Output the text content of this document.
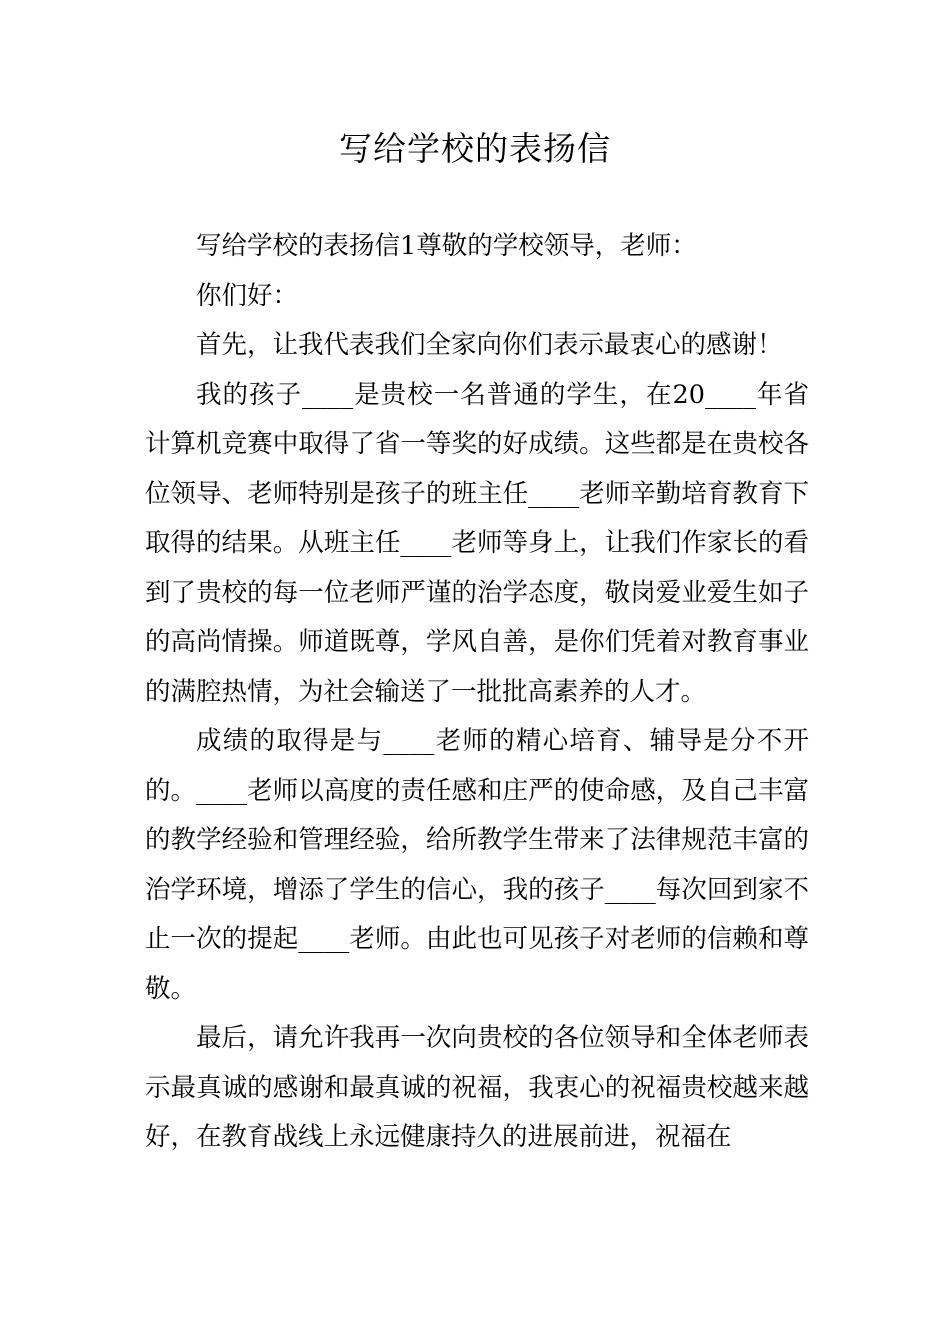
写给学校的表扬信

写给学校的表扬信1尊敬的学校领导，老师：

你们好：

首先，让我代表我们全家向你们表示最衷心的感谢！

我的孩子____是贵校一名普通的学生，在20____年省计算机竞赛中取得了省一等奖的好成绩。这些都是在贵校各位领导、老师特别是孩子的班主任____老师辛勤培育教育下取得的结果。从班主任____老师等身上，让我们作家长的看到了贵校的每一位老师严谨的治学态度，敬岗爱业爱生如子的高尚情操。师道既尊，学风自善，是你们凭着对教育事业的满腔热情，为社会输送了一批批高素养的人才。

成绩的取得是与____老师的精心培育、辅导是分不开的。____老师以高度的责任感和庄严的使命感，及自己丰富的教学经验和管理经验，给所教学生带来了法律规范丰富的治学环境，增添了学生的信心，我的孩子____每次回到家不止一次的提起____老师。由此也可见孩子对老师的信赖和尊敬。

最后，请允许我再一次向贵校的各位领导和全体老师表示最真诚的感谢和最真诚的祝福，我衷心的祝福贵校越来越好，在教育战线上永远健康持久的进展前进，祝福在
